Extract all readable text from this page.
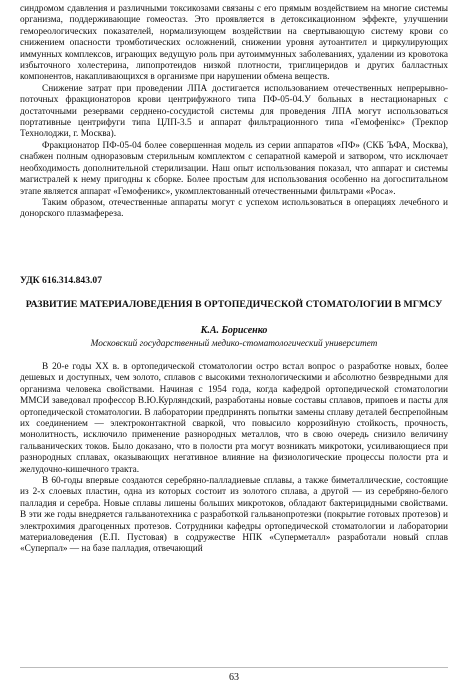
синдромом сдавления и различными токсикозами связаны с его прямым воздействием на многие системы организма, поддерживающие гомеостаз. Это проявляется в детоксикационном эффекте, улучшении гемореологических показателей, нормализующем воздействии на свертывающую систему крови со снижением опасности тромботических осложнений, снижении уровня аутоантител и циркулирующих иммунных комплексов, играющих ведущую роль при аутоиммунных заболеваниях, удалении из кровотока избыточного холестерина, липопротеидов низкой плотности, триглицеридов и других балластных компонентов, накапливающихся в организме при нарушении обмена веществ.

Снижение затрат при проведении ЛПА достигается использованием отечественных непрерывно-поточных фракционаторов крови центрифужного типа ПФ-05-04.У больных в нестационарных с достаточными резервами серднено-сосудистой системы для проведения ЛПА могут использоваться портативные центрифуги типа ЦЛП-3.5 и аппарат фильтрационного типа «Гемофенікс» (Трекпор Технолоджи, г. Москва).

Фракционатор ПФ-05-04 более совершенная модель из серии аппаратов «ПФ» (СКБ ЪФА, Москва), снабжен полным одноразовым стерильным комплектом с сепаратной камерой и затвором, что исключает необходимость дополнительной стерилизации. Наш опыт использования показал, что аппарат и системы магистралей к нему пригодны к сборке. Более простым для использования особенно на догоспитальном этапе является аппарат «Гемофеникс», укомплектованный отечественными фильтрами «Роса».

Таким образом, отечественные аппараты могут с успехом использоваться в операциях лечебного и донорского плазмафереза.

УДК 616.314.843.07

РАЗВИТИЕ МАТЕРИАЛОВЕДЕНИЯ В ОРТОПЕДИЧЕСКОЙ СТОМАТОЛОГИИ В МГМСУ

К.А. Борисенко

Московский государственный медико-стоматологический университет

В 20-е годы XX в. в ортопедической стоматологии остро встал вопрос о разработке новых, более дешевых и доступных, чем золото, сплавов с высокими технологическими и абсолютно безвредными для организма человека свойствами. Начиная с 1954 года, когда кафедрой ортопедической стоматологии ММСИ заведовал профессор В.Ю.Курляндский, разработаны новые составы сплавов, припоев и пасты для ортопедической стоматологии. В лаборатории предпринять попытки замены сплаву деталей беспрепойным их соединением — электроконтактной сваркой, что повысило коррозийную стойкость, прочность, монолитность, исключило применение разнородных металлов, что в свою очередь снизило величину гальванических токов. Было доказано, что в полости рта могут возникать микротоки, усиливающиеся при разнородных сплавах, оказывающих негативное влияние на физиологические процессы полости рта и желудочно-кишечного тракта.

В 60-годы впервые создаются серебряно-палладиевые сплавы, а также биметаллические, состоящие из 2-х слоевых пластин, одна из которых состоит из золотого сплава, а другой — из серебряно-белого палладия и серебра. Новые сплавы лишены больших микротоков, обладают бактерицидными свойствами. В эти же годы внедряется гальванотехника с разработкой гальванопротезки (покрытие готовых протезов) и электрохимия драгоценных протезов. Сотрудники кафедры ортопедической стоматологии и лаборатории материаловедения (Е.П. Пустовая) в содружестве НПК «Суперметалл» разработали новый сплав «Суперпал» — на базе палладия, отвечающий

63
